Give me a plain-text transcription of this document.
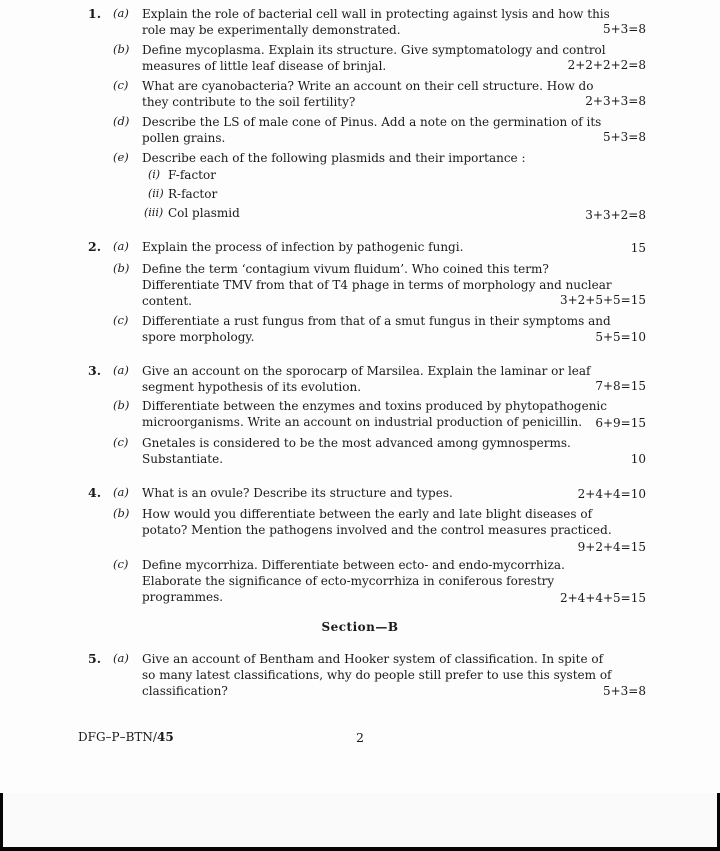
1. (a) Explain the role of bacterial cell wall in protecting against lysis and how this role may be experimentally demonstrated.	5+3=8
(b) Define mycoplasma. Explain its structure. Give symptomatology and control measures of little leaf disease of brinjal.	2+2+2+2=8
(c) What are cyanobacteria? Write an account on their cell structure. How do they contribute to the soil fertility?	2+3+3=8
(d) Describe the LS of male cone of Pinus. Add a note on the germination of its pollen grains.	5+3=8
(e) Describe each of the following plasmids and their importance :
(i) F-factor
(ii) R-factor
(iii) Col plasmid	3+3+2=8
2. (a) Explain the process of infection by pathogenic fungi.	15
(b) Define the term ‘contagium vivum fluidum’. Who coined this term? Differentiate TMV from that of T4 phage in terms of morphology and nuclear content.	3+2+5+5=15
(c) Differentiate a rust fungus from that of a smut fungus in their symptoms and spore morphology.	5+5=10
3. (a) Give an account on the sporocarp of Marsilea. Explain the laminar or leaf segment hypothesis of its evolution.	7+8=15
(b) Differentiate between the enzymes and toxins produced by phytopathogenic microorganisms. Write an account on industrial production of penicillin.	6+9=15
(c) Gnetales is considered to be the most advanced among gymnosperms. Substantiate.	10
4. (a) What is an ovule? Describe its structure and types.	2+4+4=10
(b) How would you differentiate between the early and late blight diseases of potato? Mention the pathogens involved and the control measures practiced.
9+2+4=15
(c) Define mycorrhiza. Differentiate between ecto- and endo-mycorrhiza. Elaborate the significance of ecto-mycorrhiza in coniferous forestry programmes.	2+4+4+5=15
Section—B
5. (a) Give an account of Bentham and Hooker system of classification. In spite of so many latest classifications, why do people still prefer to use this system of classification?	5+3=8
DFG–P–BTN/45	2
